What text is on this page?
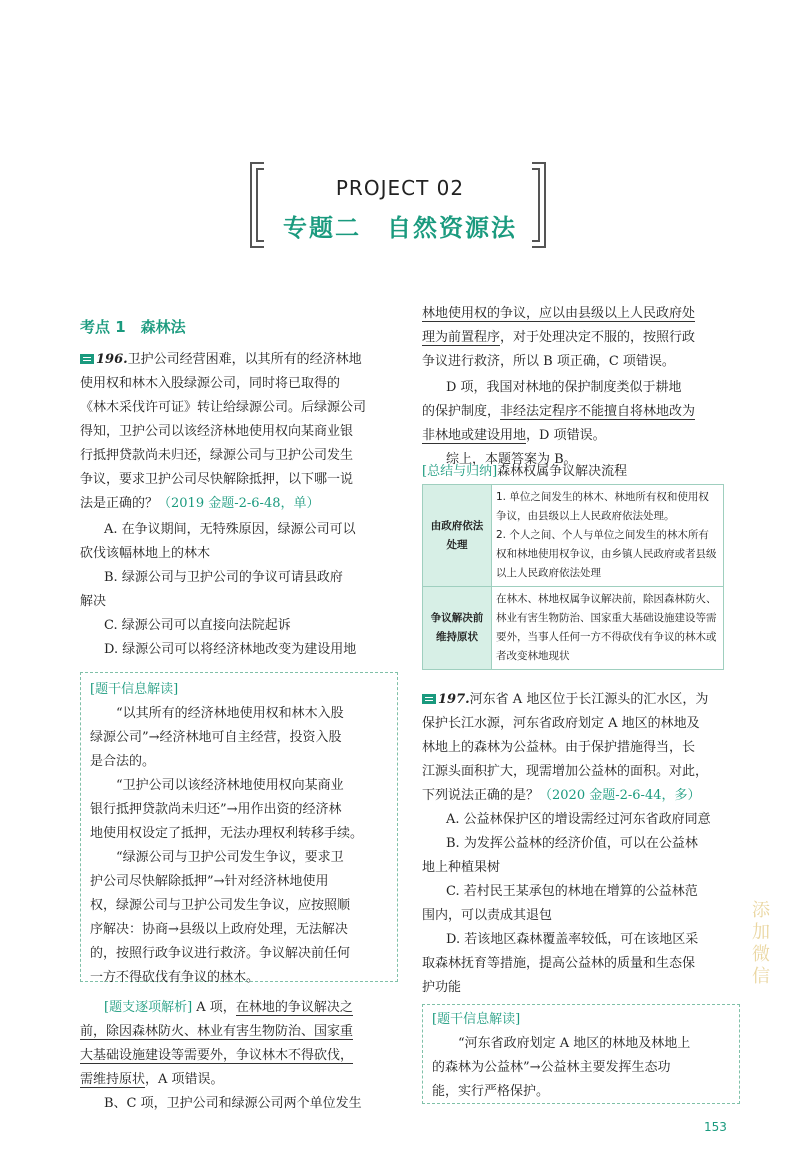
PROJECT 02
专题二　自然资源法
考点 1　森林法
196.卫护公司经营困难，以其所有的经济林地
使用权和林木入股绿源公司，同时将已取得的
《林木采伐许可证》转让给绿源公司。后绿源公司
得知，卫护公司以该经济林地使用权向某商业银
行抵押贷款尚未归还，绿源公司与卫护公司发生
争议，要求卫护公司尽快解除抵押，以下哪一说
法是正确的？（2019 金题-2-6-48，单）
A. 在争议期间，无特殊原因，绿源公司可以
砍伐该幅林地上的林木
B. 绿源公司与卫护公司的争议可请县政府
解决
C. 绿源公司可以直接向法院起诉
D. 绿源公司可以将经济林地改变为建设用地
[题干信息解读]
“以其所有的经济林地使用权和林木入股
绿源公司”→经济林地可自主经营，投资入股
是合法的。
“卫护公司以该经济林地使用权向某商业
银行抵押贷款尚未归还”→用作出资的经济林
地使用权设定了抵押，无法办理权利转移手续。
“绿源公司与卫护公司发生争议，要求卫
护公司尽快解除抵押”→针对经济林地使用
权，绿源公司与卫护公司发生争议，应按照顺
序解决：协商→县级以上政府处理，无法解决
的，按照行政争议进行救济。争议解决前任何
一方不得砍伐有争议的林木。
[题支逐项解析] A 项，在林地的争议解决之
前，除因森林防火、林业有害生物防治、国家重
大基础设施建设等需要外，争议林木不得砍伐，
需维持原状，A 项错误。
B、C 项，卫护公司和绿源公司两个单位发生
林地使用权的争议，应以由县级以上人民政府处
理为前置程序，对于处理决定不服的，按照行政
争议进行救济，所以 B 项正确，C 项错误。
D 项，我国对林地的保护制度类似于耕地
的保护制度，非经法定程序不能擅自将林地改为
非林地或建设用地，D 项错误。
综上，本题答案为 B。
[总结与归纳]森林权属争议解决流程
由政府依法处理	1. 单位之间发生的林木、林地所有权和使用权争议，由县级以上人民政府依法处理。
2. 个人之间、个人与单位之间发生的林木所有权和林地使用权争议，由乡镇人民政府或者县级以上人民政府依法处理

争议解决前维持原状	在林木、林地权属争议解决前，除因森林防火、林业有害生物防治、国家重大基础设施建设等需要外，当事人任何一方不得砍伐有争议的林木或者改变林地现状
197.河东省 A 地区位于长江源头的汇水区，为
保护长江水源，河东省政府划定 A 地区的林地及
林地上的森林为公益林。由于保护措施得当，长
江源头面积扩大，现需增加公益林的面积。对此，
下列说法正确的是？（2020 金题-2-6-44，多）
A. 公益林保护区的增设需经过河东省政府同意
B. 为发挥公益林的经济价值，可以在公益林
地上种植果树
C. 若村民王某承包的林地在增算的公益林范
围内，可以责成其退包
D. 若该地区森林覆盖率较低，可在该地区采
取森林抚育等措施，提高公益林的质量和生态保
护功能
[题干信息解读]
“河东省政府划定 A 地区的林地及林地上
的森林为公益林”→公益林主要发挥生态功
能，实行严格保护。
153
添加微信
